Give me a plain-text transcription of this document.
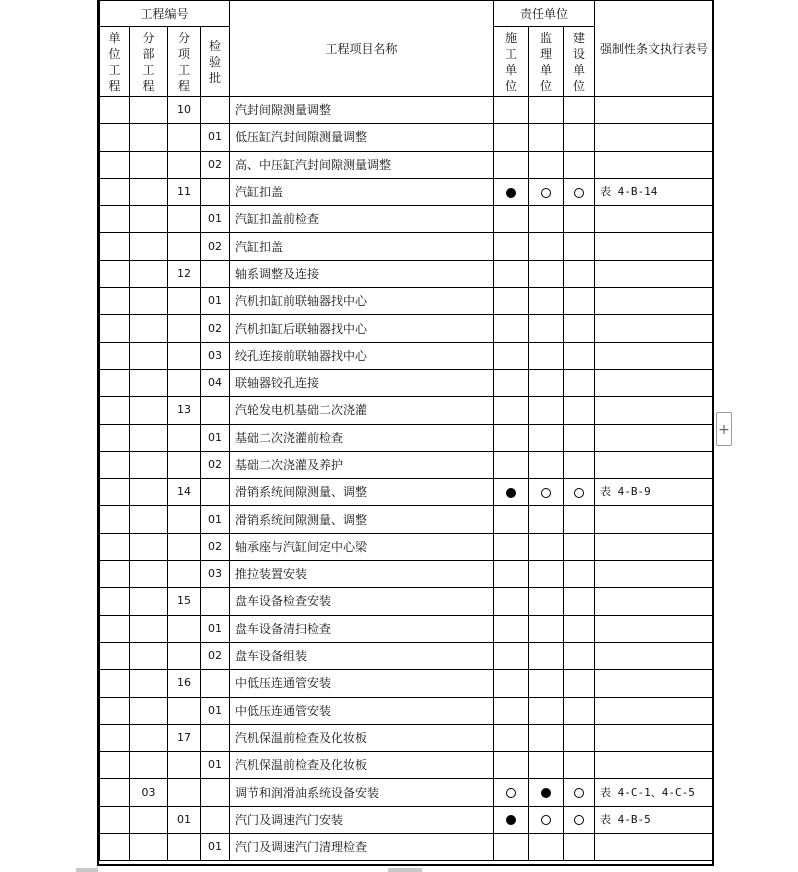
工程编号				工程项目名称	责任单位			强制性条文执行表号
单位工程	分部工程	分项工程	检验批		施工单位	监理单位	建设单位	
		10		汽封间隙测量调整				
			01	低压缸汽封间隙测量调整				
			02	高、中压缸汽封间隙测量调整				
		11		汽缸扣盖				表 4-B-14
			01	汽缸扣盖前检查				
			02	汽缸扣盖				
		12		轴系调整及连接				
			01	汽机扣缸前联轴器找中心				
			02	汽机扣缸后联轴器找中心				
			03	绞孔连接前联轴器找中心				
			04	联轴器铰孔连接				
		13		汽轮发电机基础二次浇灌				
			01	基础二次浇灌前检查				
			02	基础二次浇灌及养护				
		14		滑销系统间隙测量、调整				表 4-B-9
			01	滑销系统间隙测量、调整				
			02	轴承座与汽缸间定中心梁				
			03	推拉装置安装				
		15		盘车设备检查安装				
			01	盘车设备清扫检查				
			02	盘车设备组装				
		16		中低压连通管安装				
			01	中低压连通管安装				
		17		汽机保温前检查及化妆板				
			01	汽机保温前检查及化妆板				
	03			调节和润滑油系统设备安装				表 4-C-1、4-C-5
		01		汽门及调速汽门安装				表 4-B-5
			01	汽门及调速汽门清理检查				
+
